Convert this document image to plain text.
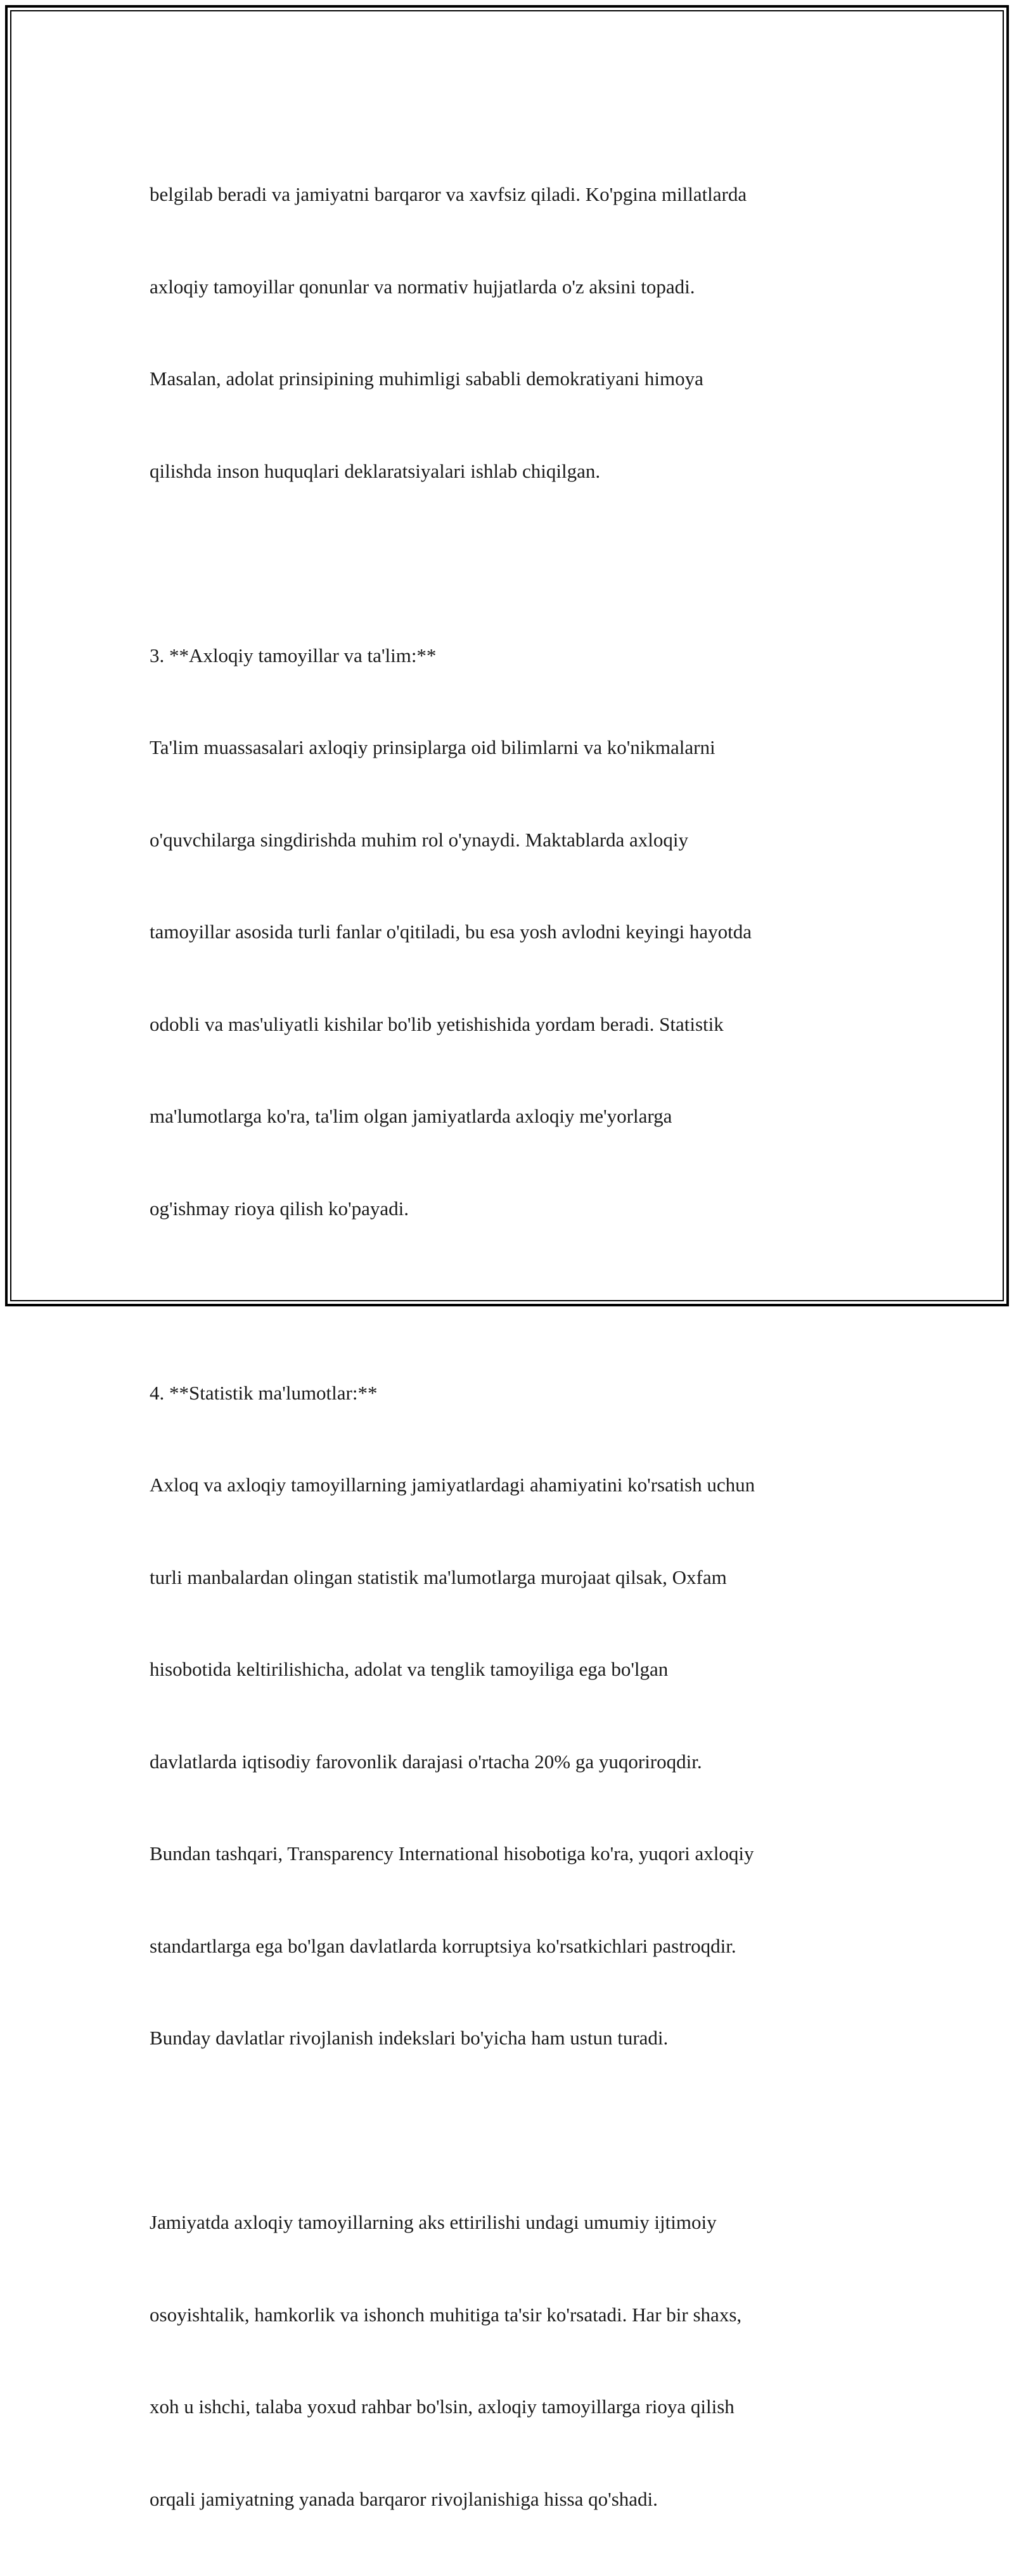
belgilab beradi va jamiyatni barqaror va xavfsiz qiladi. Ko'pgina millatlarda

axloqiy tamoyillar qonunlar va normativ hujjatlarda o'z aksini topadi.

Masalan, adolat prinsipining muhimligi sababli demokratiyani himoya

qilishda inson huquqlari deklaratsiyalari ishlab chiqilgan.

3. **Axloqiy tamoyillar va ta'lim:**

Ta'lim muassasalari axloqiy prinsiplarga oid bilimlarni va ko'nikmalarni

o'quvchilarga singdirishda muhim rol o'ynaydi. Maktablarda axloqiy

tamoyillar asosida turli fanlar o'qitiladi, bu esa yosh avlodni keyingi hayotda

odobli va mas'uliyatli kishilar bo'lib yetishishida yordam beradi. Statistik

ma'lumotlarga ko'ra, ta'lim olgan jamiyatlarda axloqiy me'yorlarga

og'ishmay rioya qilish ko'payadi.

4. **Statistik ma'lumotlar:**

Axloq va axloqiy tamoyillarning jamiyatlardagi ahamiyatini ko'rsatish uchun

turli manbalardan olingan statistik ma'lumotlarga murojaat qilsak, Oxfam

hisobotida keltirilishicha, adolat va tenglik tamoyiliga ega bo'lgan

davlatlarda iqtisodiy farovonlik darajasi o'rtacha 20% ga yuqoriroqdir.

Bundan tashqari, Transparency International hisobotiga ko'ra, yuqori axloqiy

standartlarga ega bo'lgan davlatlarda korruptsiya ko'rsatkichlari pastroqdir.

Bunday davlatlar rivojlanish indekslari bo'yicha ham ustun turadi.

Jamiyatda axloqiy tamoyillarning aks ettirilishi undagi umumiy ijtimoiy

osoyishtalik, hamkorlik va ishonch muhitiga ta'sir ko'rsatadi. Har bir shaxs,

xoh u ishchi, talaba yoxud rahbar bo'lsin, axloqiy tamoyillarga rioya qilish

orqali jamiyatning yanada barqaror rivojlanishiga hissa qo'shadi.
